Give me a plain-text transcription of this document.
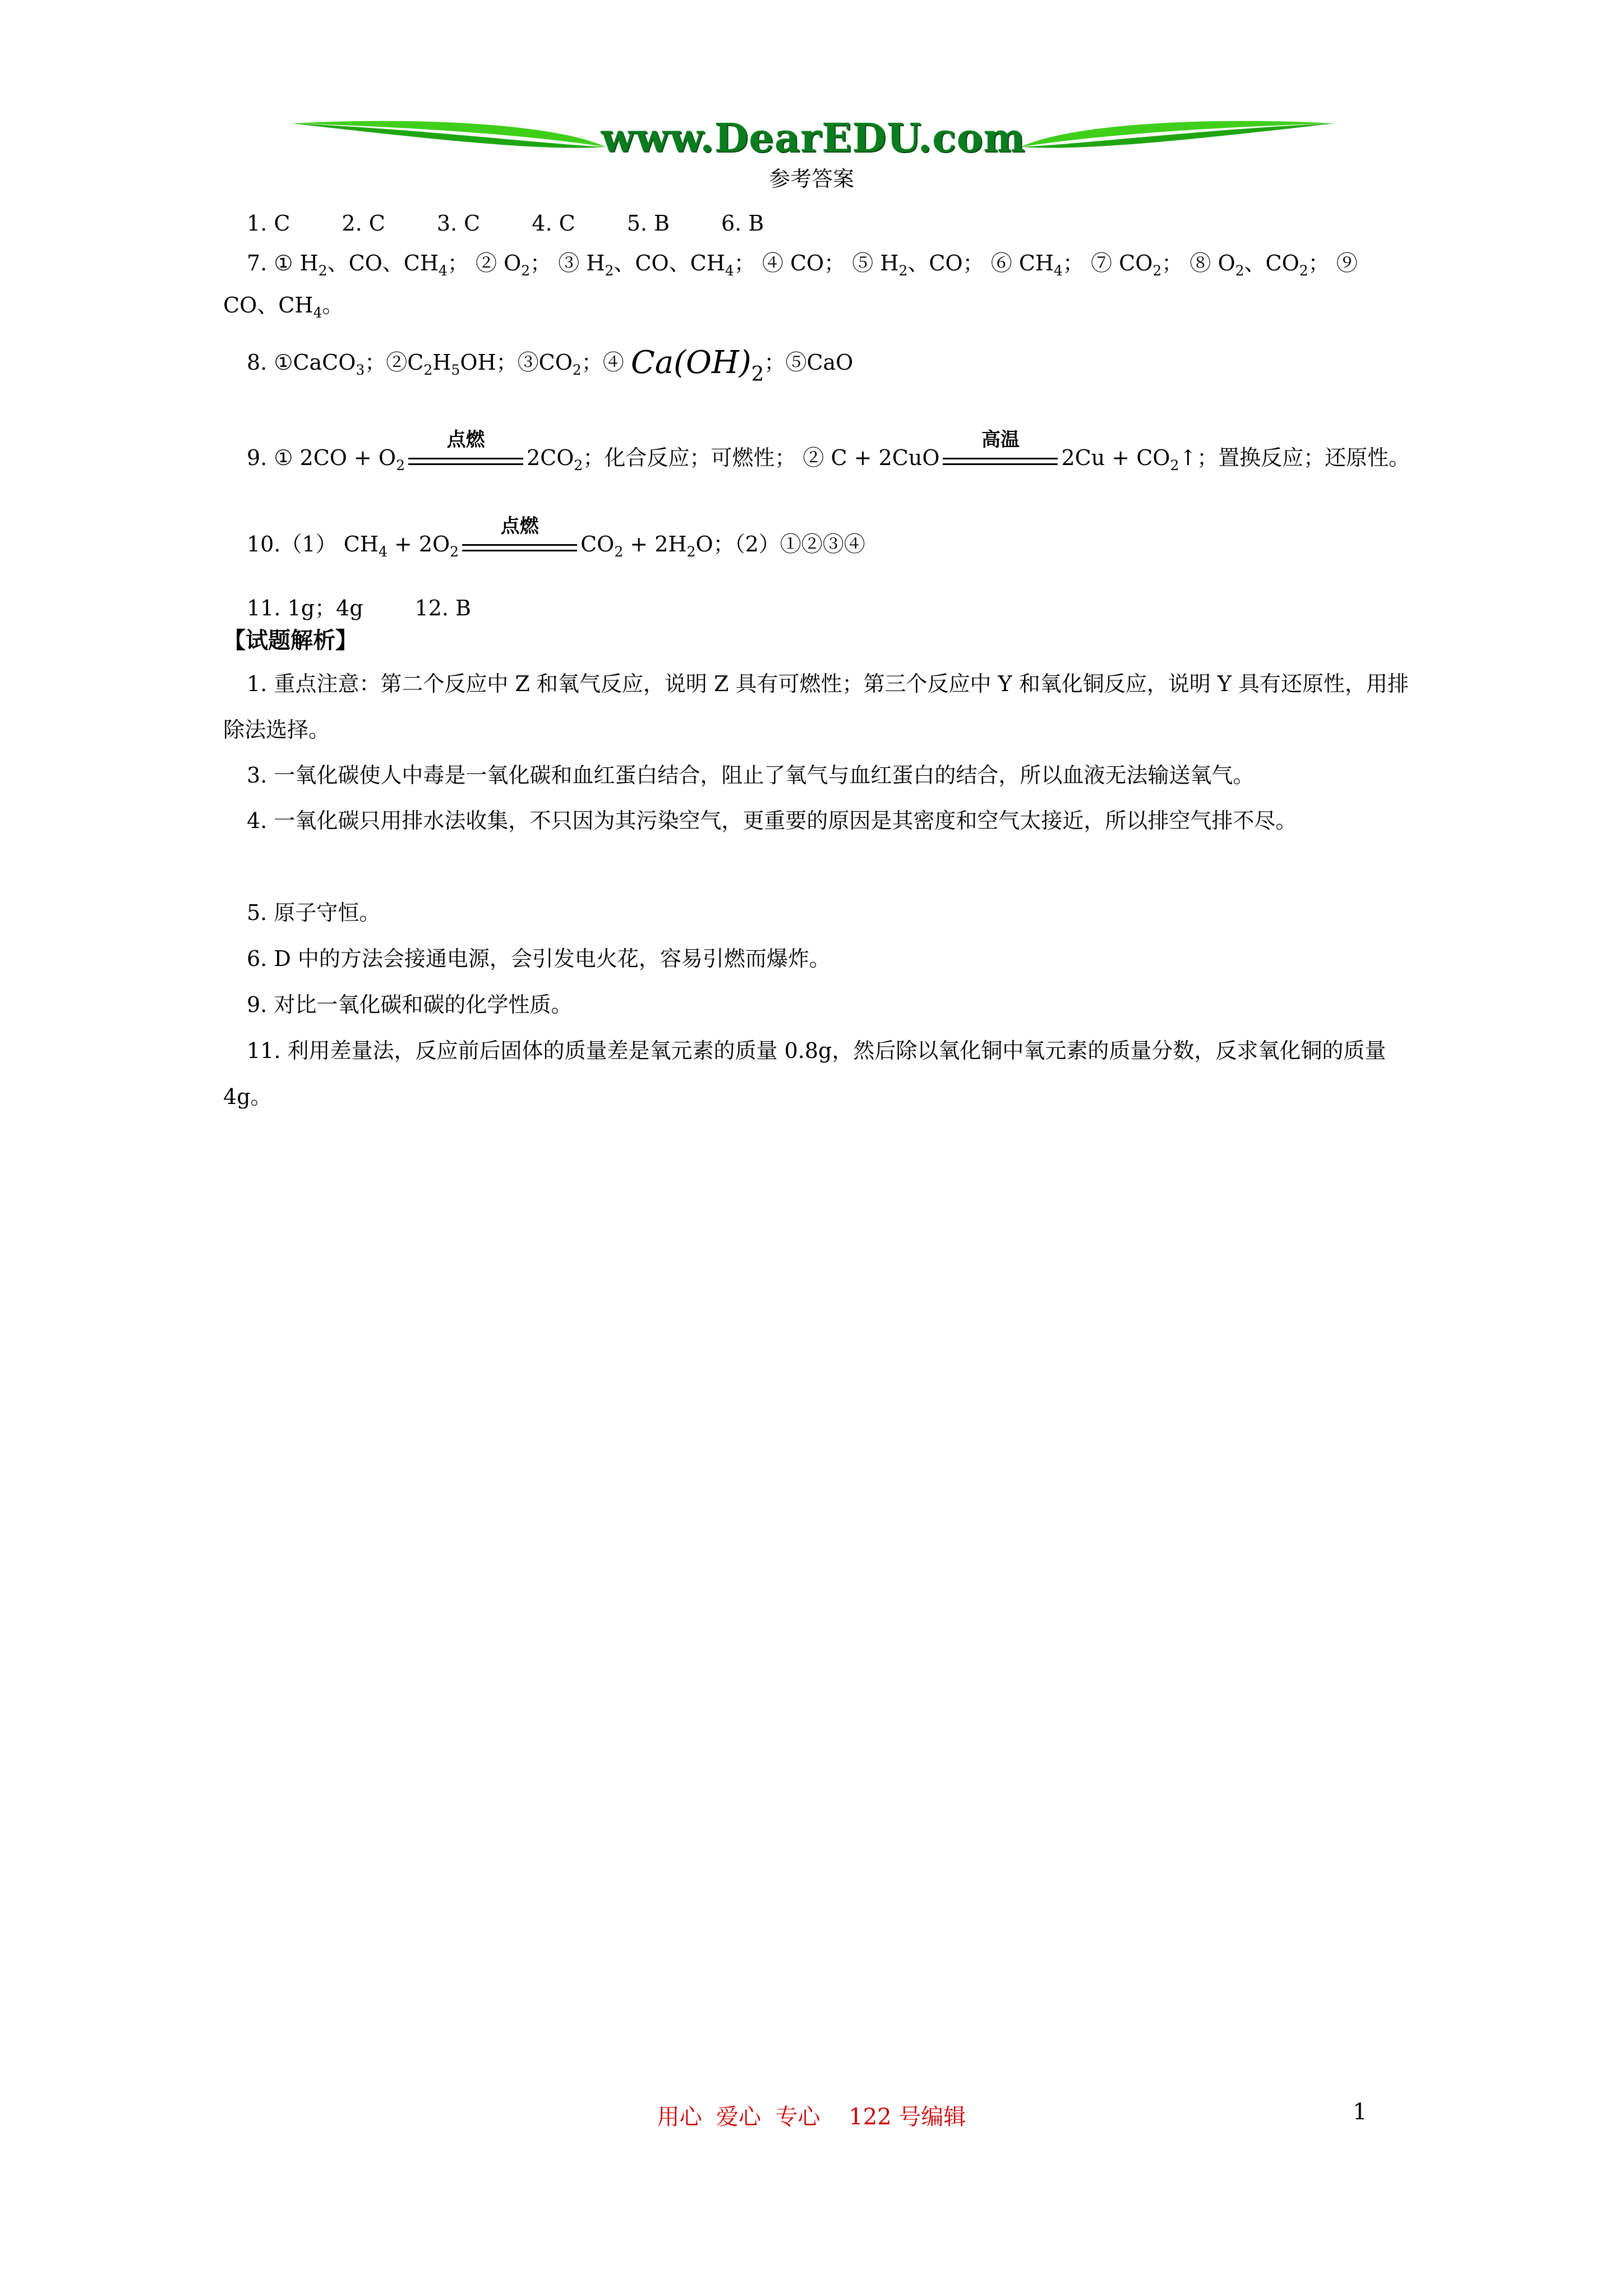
www.DearEDU.com
参考答案
1. C 2. C 3. C 4. C 5. B 6. B
7. ① $H_2$、CO、$CH_4$； ② $O_2$； ③ $H_2$、CO、$CH_4$； ④ CO； ⑤ $H_2$、CO； ⑥ $CH_4$； ⑦ $CO_2$； ⑧ $O_2$、$CO_2$； ⑨
CO、$CH_4$。
8. ①CaCO$_3$；$②C_2H_5OH$；$③CO_2$；④ $Ca(OH)_2$；⑤CaO
9. ① $2CO + O_2$
点燃
$2CO_2$；化合反应；可燃性； ② C + 2CuO
高温
$2Cu + CO_2↑$；置换反应；还原性。
10.（1） $CH_4 + 2O_2$
点燃
$CO_2 + 2H_2O$；（2）①②③④
11. 1g；4g 12. B
【试题解析】
1. 重点注意：第二个反应中 Z 和氧气反应，说明 Z 具有可燃性；第三个反应中 Y 和氧化铜反应，说明 Y 具有还原性，用排除法选择。
3. 一氧化碳使人中毒是一氧化碳和血红蛋白结合，阻止了氧气与血红蛋白的结合，所以血液无法输送氧气。
4. 一氧化碳只用排水法收集，不只因为其污染空气，更重要的原因是其密度和空气太接近，所以排空气排不尽。
5. 原子守恒。
6. D 中的方法会接通电源，会引发电火花，容易引燃而爆炸。
9. 对比一氧化碳和碳的化学性质。
11. 利用差量法，反应前后固体的质量差是氧元素的质量 0.8g，然后除以氧化铜中氧元素的质量分数，反求氧化铜的质量 4g。
用心  爱心  专心    122 号编辑	1
